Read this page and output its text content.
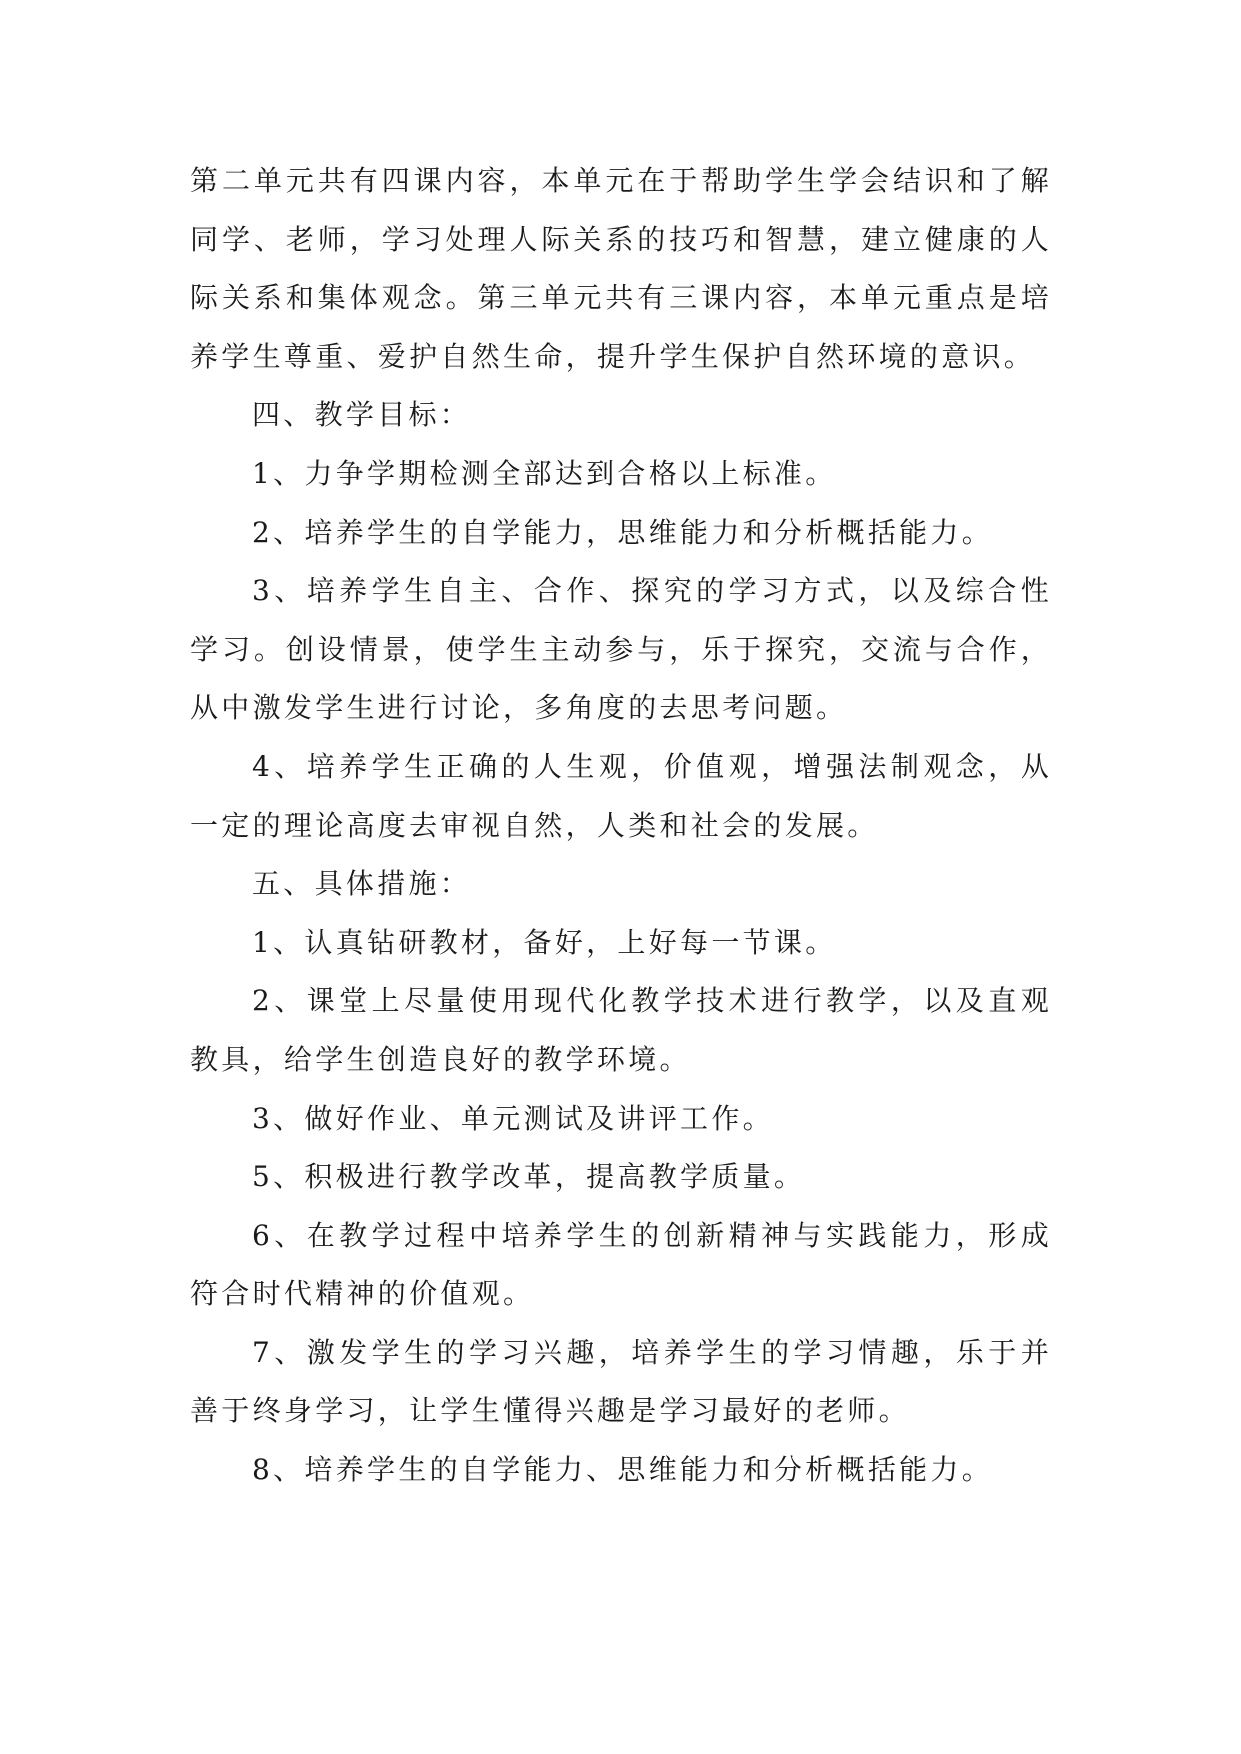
第二单元共有四课内容，本单元在于帮助学生学会结识和了解同学、老师，学习处理人际关系的技巧和智慧，建立健康的人际关系和集体观念。第三单元共有三课内容，本单元重点是培养学生尊重、爱护自然生命，提升学生保护自然环境的意识。

四、教学目标：

1、力争学期检测全部达到合格以上标准。

2、培养学生的自学能力，思维能力和分析概括能力。

3、培养学生自主、合作、探究的学习方式，以及综合性学习。创设情景，使学生主动参与，乐于探究，交流与合作，从中激发学生进行讨论，多角度的去思考问题。

4、培养学生正确的人生观，价值观，增强法制观念，从一定的理论高度去审视自然，人类和社会的发展。

五、具体措施：

1、认真钻研教材，备好，上好每一节课。

2、课堂上尽量使用现代化教学技术进行教学，以及直观教具，给学生创造良好的教学环境。

3、做好作业、单元测试及讲评工作。

5、积极进行教学改革，提高教学质量。

6、在教学过程中培养学生的创新精神与实践能力，形成符合时代精神的价值观。

7、激发学生的学习兴趣，培养学生的学习情趣，乐于并善于终身学习，让学生懂得兴趣是学习最好的老师。

8、培养学生的自学能力、思维能力和分析概括能力。
